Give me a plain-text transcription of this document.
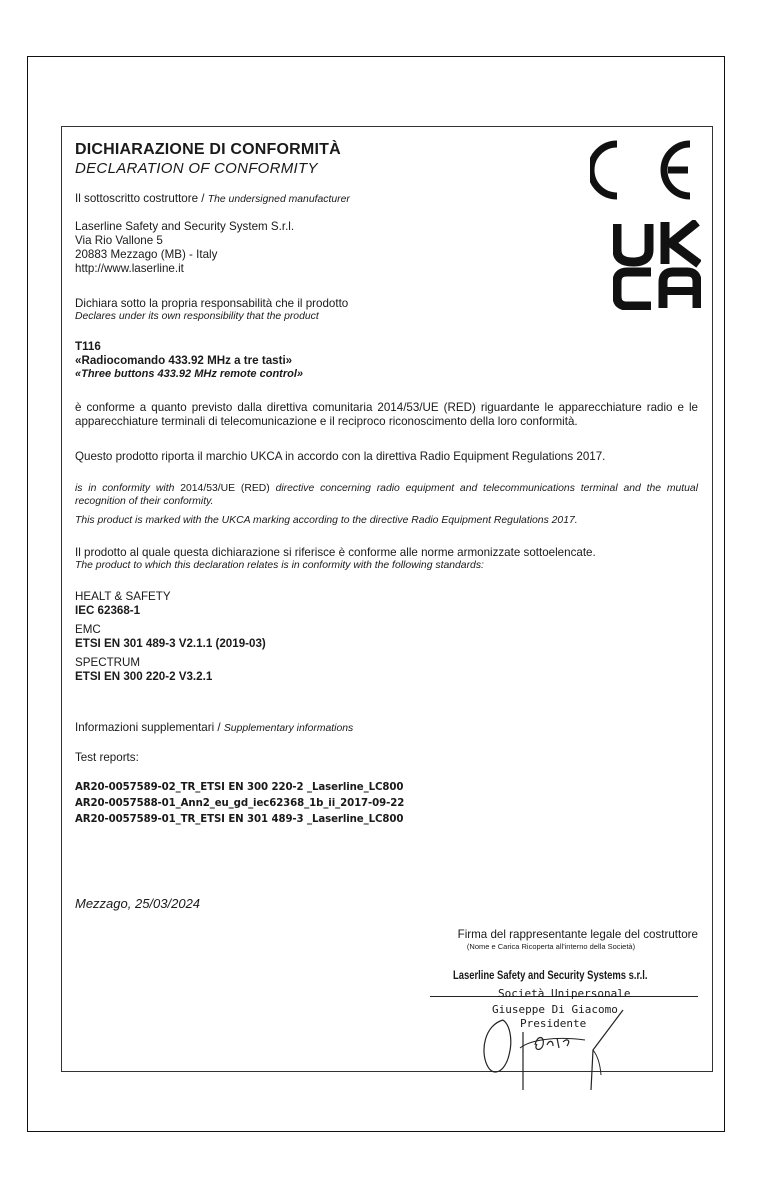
DICHIARAZIONE DI CONFORMITÀ
DECLARATION OF CONFORMITY
Il sottoscritto costruttore / The undersigned manufacturer
Laserline Safety and Security System S.r.l.
Via Rio Vallone 5
20883 Mezzago (MB) - Italy
http://www.laserline.it
Dichiara sotto la propria responsabilità che il prodotto
Declares under its own responsibility that the product
T116
«Radiocomando 433.92 MHz a tre tasti»
«Three buttons 433.92 MHz remote control»
è conforme a quanto previsto dalla direttiva comunitaria 2014/53/UE (RED) riguardante le apparecchiature radio e le apparecchiature terminali di telecomunicazione e il reciproco riconoscimento della loro conformità.
Questo prodotto riporta il marchio UKCA in accordo con la direttiva Radio Equipment Regulations 2017.
is in conformity with 2014/53/UE (RED) directive concerning radio equipment and telecommunications terminal and the mutual recognition of their conformity.
This product is marked with the UKCA marking according to the directive Radio Equipment Regulations 2017.
Il prodotto al quale questa dichiarazione si riferisce è conforme alle norme armonizzate sottoelencate.
The product to which this declaration relates is in conformity with the following standards:
HEALT & SAFETY
IEC 62368-1
EMC
ETSI EN 301 489-3 V2.1.1 (2019-03)
SPECTRUM
ETSI EN 300 220-2 V3.2.1
Informazioni supplementari / Supplementary informations
Test reports:
AR20-0057589-02_TR_ETSI EN 300 220-2 _Laserline_LC800
AR20-0057588-01_Ann2_eu_gd_iec62368_1b_ii_2017-09-22
AR20-0057589-01_TR_ETSI EN 301 489-3 _Laserline_LC800
Mezzago, 25/03/2024
Firma del rappresentante legale del costruttore
(Nome e Carica Ricoperta all'interno della Società)
Laserline Safety and Security Systems s.r.l.
Società Unipersonale
Giuseppe Di Giacomo
Presidente
